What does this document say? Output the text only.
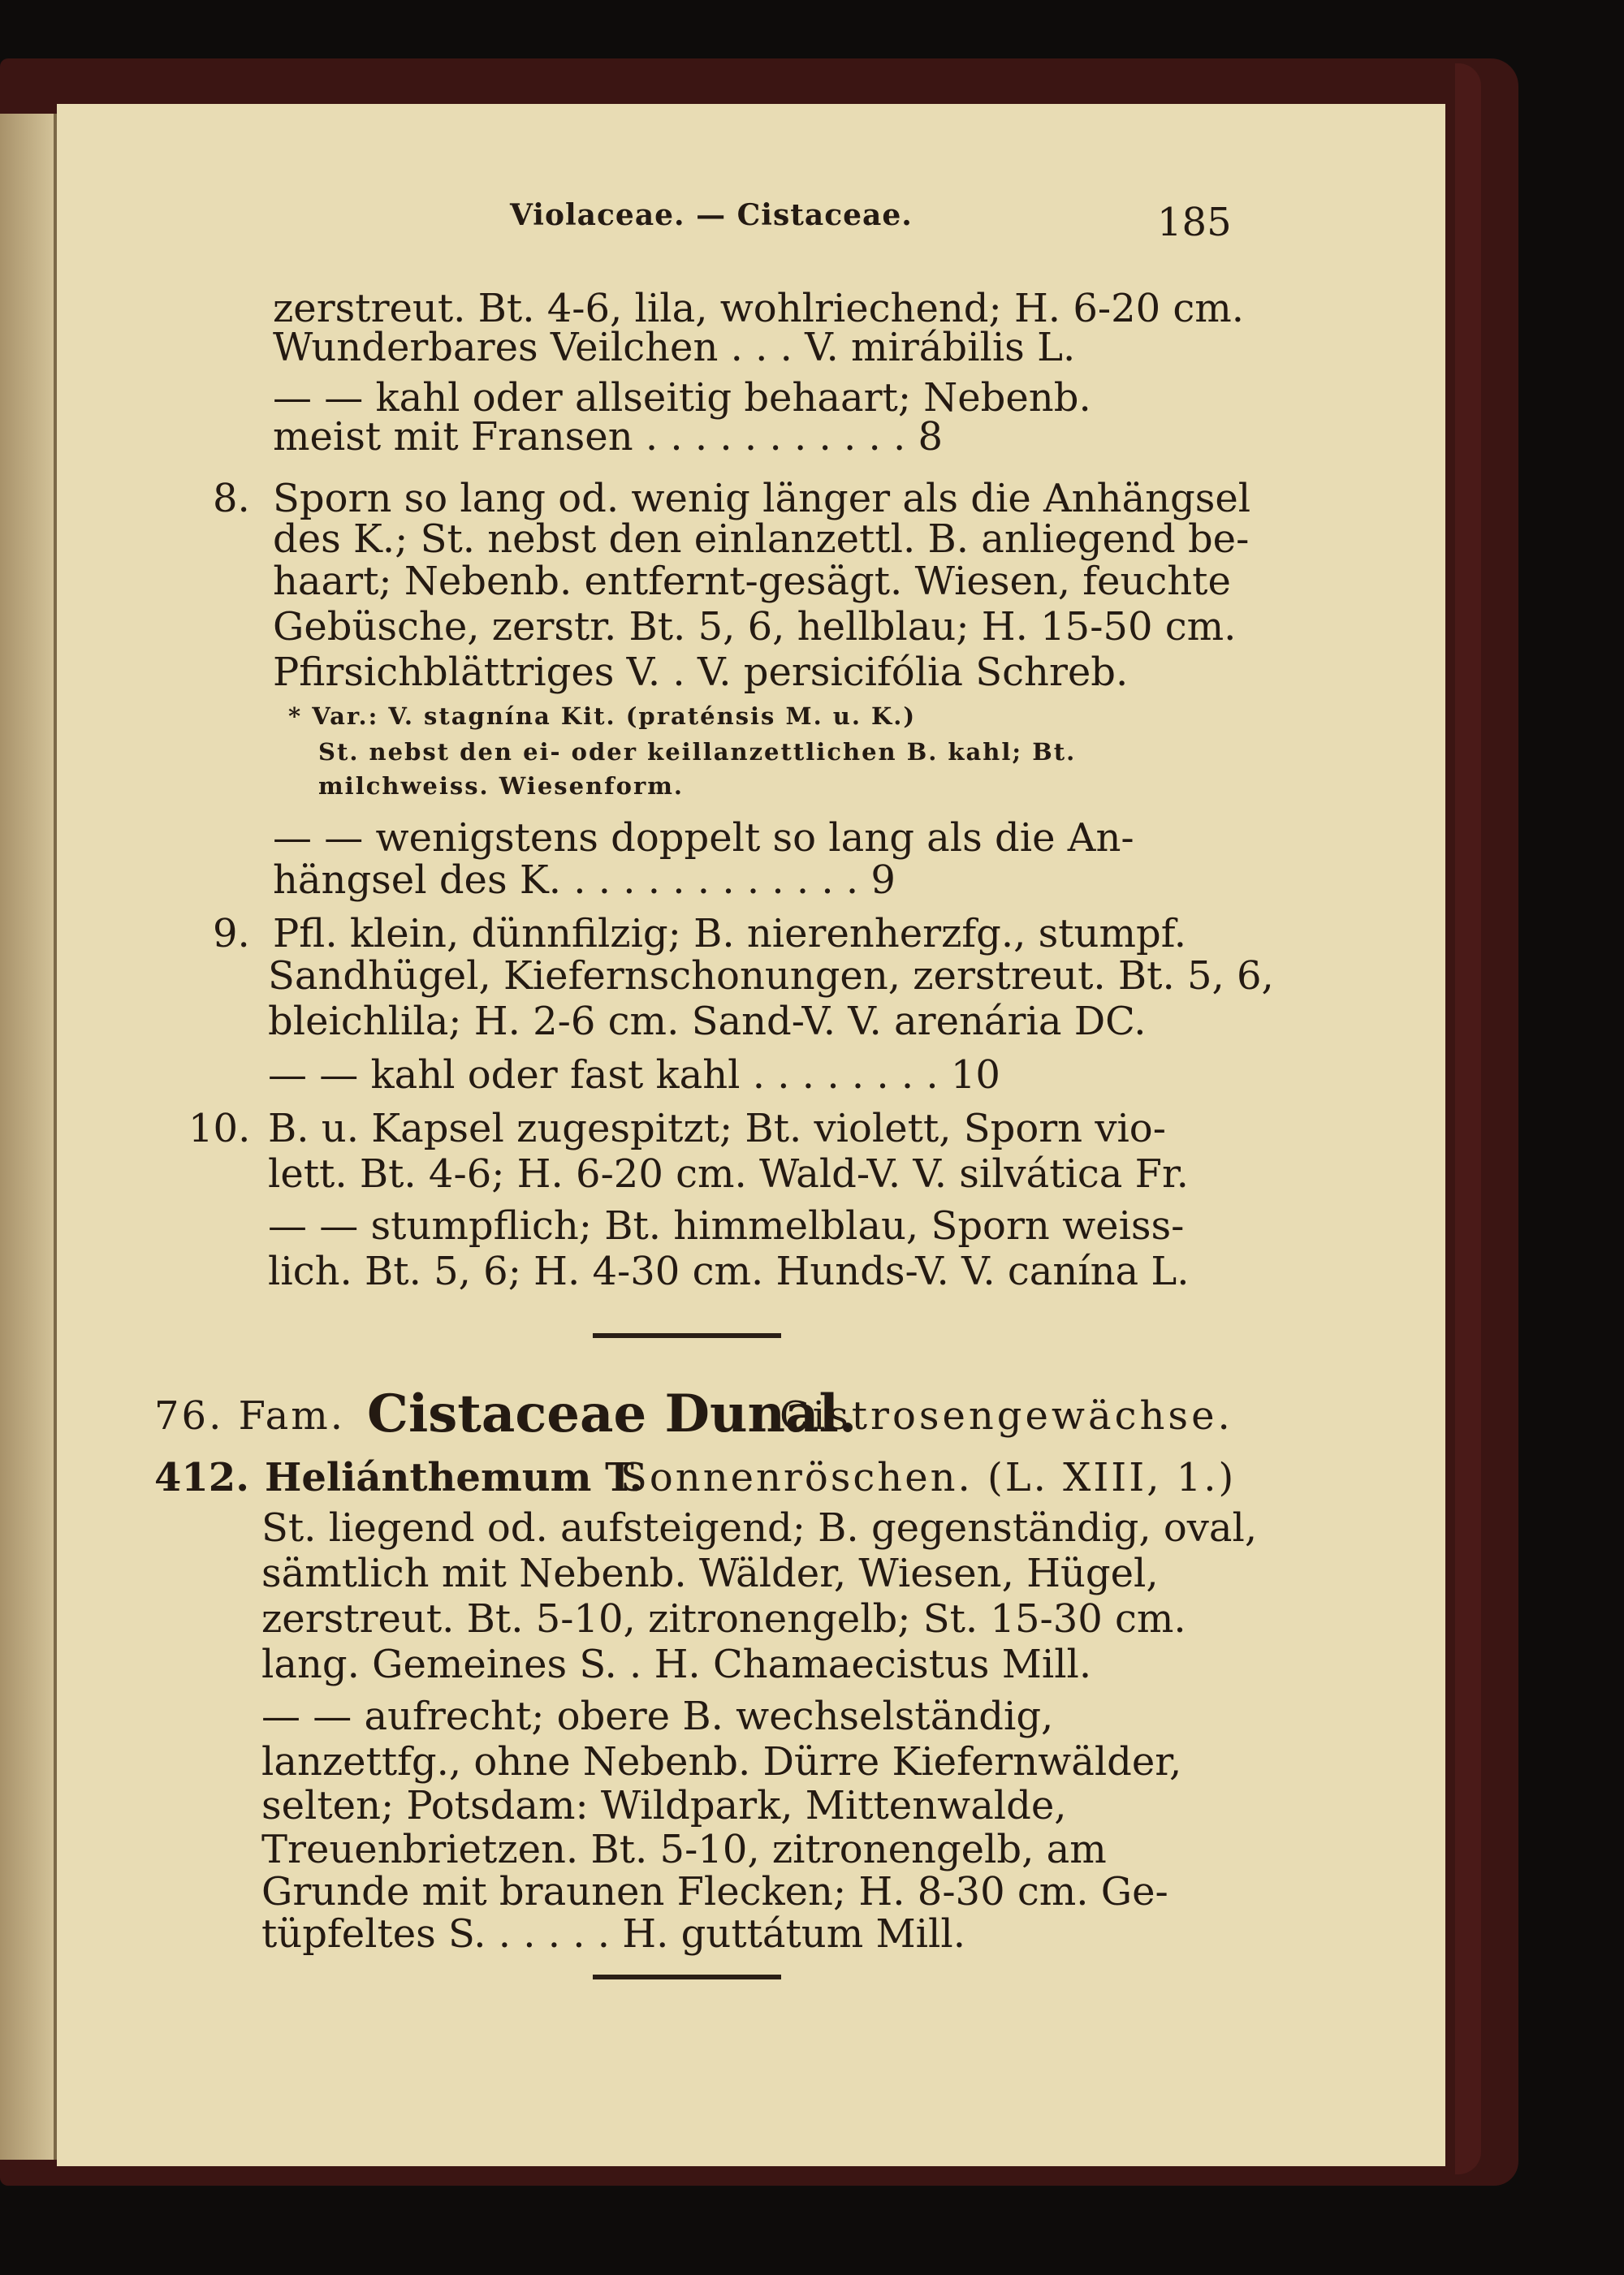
Violaceae. — Cistaceae.	185
zerstreut. Bt. 4-6, lila, wohlriechend; H. 6-20 cm.
Wunderbares Veilchen . . . V. mirábilis L.
— — kahl oder allseitig behaart; Nebenb.
meist mit Fransen . . . . . . . . . . . 8
8. Sporn so lang od. wenig länger als die Anhängsel
des K.; St. nebst den einlanzettl. B. anliegend be-
haart; Nebenb. entfernt-gesägt. Wiesen, feuchte
Gebüsche, zerstr. Bt. 5, 6, hellblau; H. 15-50 cm.
Pfirsichblättriges V. . V. persicifólia Schreb.
* Var.: V. stagnína Kit. (praténsis M. u. K.)
St. nebst den ei- oder keillanzettlichen B. kahl; Bt.
milchweiss. Wiesenform.
— — wenigstens doppelt so lang als die An-
hängsel des K. . . . . . . . . . . . . 9
9. Pfl. klein, dünnfilzig; B. nierenherzfg., stumpf.
Sandhügel, Kiefernschonungen, zerstreut. Bt. 5, 6,
bleichlila; H. 2-6 cm. Sand-V. V. arenária DC.
— — kahl oder fast kahl . . . . . . . . 10
10. B. u. Kapsel zugespitzt; Bt. violett, Sporn vio-
lett. Bt. 4-6; H. 6-20 cm. Wald-V. V. silvática Fr.
— — stumpflich; Bt. himmelblau, Sporn weiss-
lich. Bt. 5, 6; H. 4-30 cm. Hunds-V. V. canína L.
76. Fam. Cistaceae Dunal.
Cistrosengewächse.
412. Heliánthemum T.
Sonnenröschen. (L. XIII, 1.)
St. liegend od. aufsteigend; B. gegenständig, oval,
sämtlich mit Nebenb. Wälder, Wiesen, Hügel,
zerstreut. Bt. 5-10, zitronengelb; St. 15-30 cm.
lang. Gemeines S. . H. Chamaecistus Mill.
— — aufrecht; obere B. wechselständig,
lanzettfg., ohne Nebenb. Dürre Kiefernwälder,
selten; Potsdam: Wildpark, Mittenwalde,
Treuenbrietzen. Bt. 5-10, zitronengelb, am
Grunde mit braunen Flecken; H. 8-30 cm. Ge-
tüpfeltes S. . . . . . H. guttátum Mill.
